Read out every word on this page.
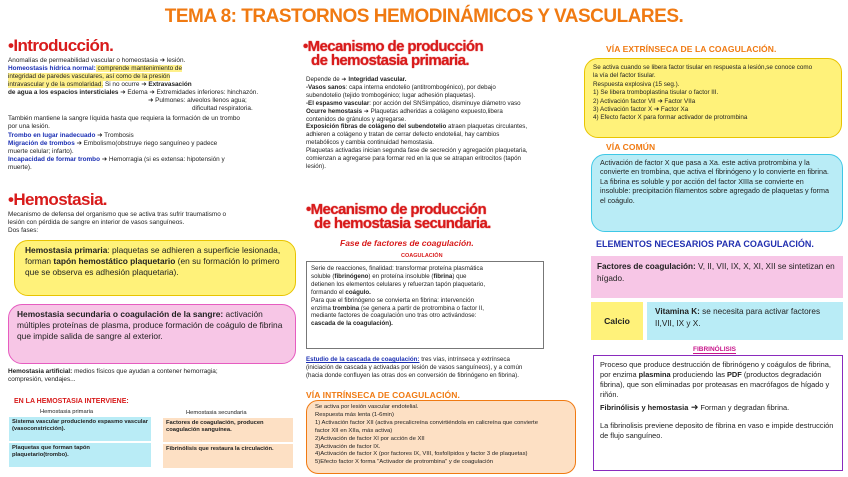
TEMA 8: TRASTORNOS HEMODINÁMICOS Y VASCULARES.
•Introducción.
Anomalías de permeabilidad vascular o homeostasia ➜ lesión.
Homeostasis hídrica normal: comprende mantenimiento de
integridad de paredes vasculares, así como de la presión
intravascular y de la osmolaridad. Si no ocurre ➜ Extravasación
de agua a los espacios intersticiales ➜ Edema ➜ Extremidades inferiores: hinchazón.
➜ Pulmones: alveolos llenos agua;
dificultad respiratoria.
También mantiene la sangre líquida hasta que requiera la formación de un trombo
por una lesión.
Trombo en lugar inadecuado ➜ Trombosis
Migración de trombos ➜ Embolismo(obstruye riego sanguíneo y padece
muerte celular; infarto).
Incapacidad de formar trombo ➜ Hemorragia (si es extensa: hipotensión y
muerte).
•Hemostasia.
Mecanismo de defensa del organismo que se activa tras sufrir traumatismo o
lesión con pérdida de sangre en interior de vasos sanguíneos.
Dos fases:
Hemostasia primaria: plaquetas se adhieren a superficie lesionada, forman tapón hemostático plaquetario (en su formación lo primero que se observa es adhesión plaquetaria).
Hemostasia secundaria o coagulación de la sangre: activación múltiples proteínas de plasma, produce formación de coágulo de fibrina que impide salida de sangre al exterior.
Hemostasia artificial: medios físicos que ayudan a contener hemorragia;
compresión, vendajes...
EN LA HEMOSTASIA INTERVIENE:
Hemostasia primaria	Hemostasia secundaria
Sistema vascular produciendo espasmo vascular (vasoconstricción).
Plaquetas que forman tapón plaquetario(trombo).
Factores de coagulación, producen coagulación sanguínea.
Fibrinólisis que restaura la circulación.
•Mecanismo de producción
de hemostasia primaria.
Depende de ➜ Integridad vascular.
-Vasos sanos: capa interna endotelio (antitrombogénico), por debajo
subendotelio (tejido trombogénico; lugar adhesión plaquetas).
-El espasmo vascular: por acción del SNSimpático, disminuye diámetro vaso
Ocurre hemostasis ➜ Plaquetas adheridas a colágeno expuesto,libera
contenidos de gránulos y agregarse.
Exposición fibras de colágeno del subendotelio atraen plaquetas circulantes,
adhieren a colágeno y tratan de cerrar defecto endotelial, hay cambios
metabólicos y cambia continuidad hemostasia.
Plaquetas activadas inician segunda fase de secreción y agregación plaquetaria,
comienzan a agregarse para formar red en la que se atrapan eritrocitos (tapón
lesión).
•Mecanismo de producción
de hemostasia secundaria.
Fase de factores de coagulación.
COAGULACIÓN
Serie de reacciones, finalidad: transformar proteína plasmática
soluble (fibrinógeno) en proteína insoluble (fibrina) que
detienen los elementos celulares y refuerzan tapón plaquetario,
formando el coágulo.
Para que el fibrinógeno se convierta en fibrina: intervención
enzima trombina (se genera a partir de protrombina o factor II,
mediante factores de coagulación uno tras otro activándose:
cascada de la coagulación).
Estudio de la cascada de coagulación: tres vías, intrínseca y extrínseca
(iniciación de cascada y activadas por lesión de vasos sanguíneos), y a común
(hacia donde confluyen las otras dos en conversión de fibrinógeno en fibrina).
VÍA INTRÍNSECA DE COAGULACIÓN.
Se activa por lesión vascular endotelial.
Respuesta más lenta (1-6min)
1) Activación factor XII (activa precalicreína convirtiéndola en calicreína que convierte
factor XII en XIIa, más activa)
2)Activación de factor XI por acción de XII
3)Activación de factor IX.
4)Activación de factor X (por factores IX, VIII, fosfolípidos y factor 3 de plaquetas)
5)Efecto factor X forma "Activador de protrombina" y de coagulación
VÍA EXTRÍNSECA DE LA COAGULACIÓN.
Se activa cuando se libera factor tisular en respuesta a lesión,se conoce como
la vía del factor tisular.
Respuesta explosiva (15 seg.).
1) Se libera tromboplastina tisular o factor III.
2) Activación factor VII ➜ Factor VIIa
3) Activación factor X ➜ Factor Xa
4) Efecto factor X para formar activador de protrombina
VÍA COMÚN
Activación de factor X que pasa a Xa. este activa protrombina y la convierte en trombina, que activa el fibrinógeno y lo convierte en fibrina.
La fibrina es soluble y por acción del factor XIIIa se convierte en insoluble: precipitación filamentos sobre agregado de plaquetas y forma el coágulo.
ELEMENTOS NECESARIOS PARA COAGULACIÓN.
Factores de coagulación: V, II, VII, IX, X, XI, XII se sintetizan en hígado.
Calcio
Vitamina K: se necesita para activar factores II,VII, IX y X.
FIBRINÓLISIS
Proceso que produce destrucción de fibrinógeno y coágulos de fibrina, por enzima plasmina produciendo las PDF (productos degradación fibrina), que son eliminadas por proteasas en macrófagos de hígado y riñón.
Fibrinólisis y hemostasia ➜ Forman y degradan fibrina.
La fibrinolisis previene deposito de fibrina en vaso e impide destrucción de flujo sanguíneo.
